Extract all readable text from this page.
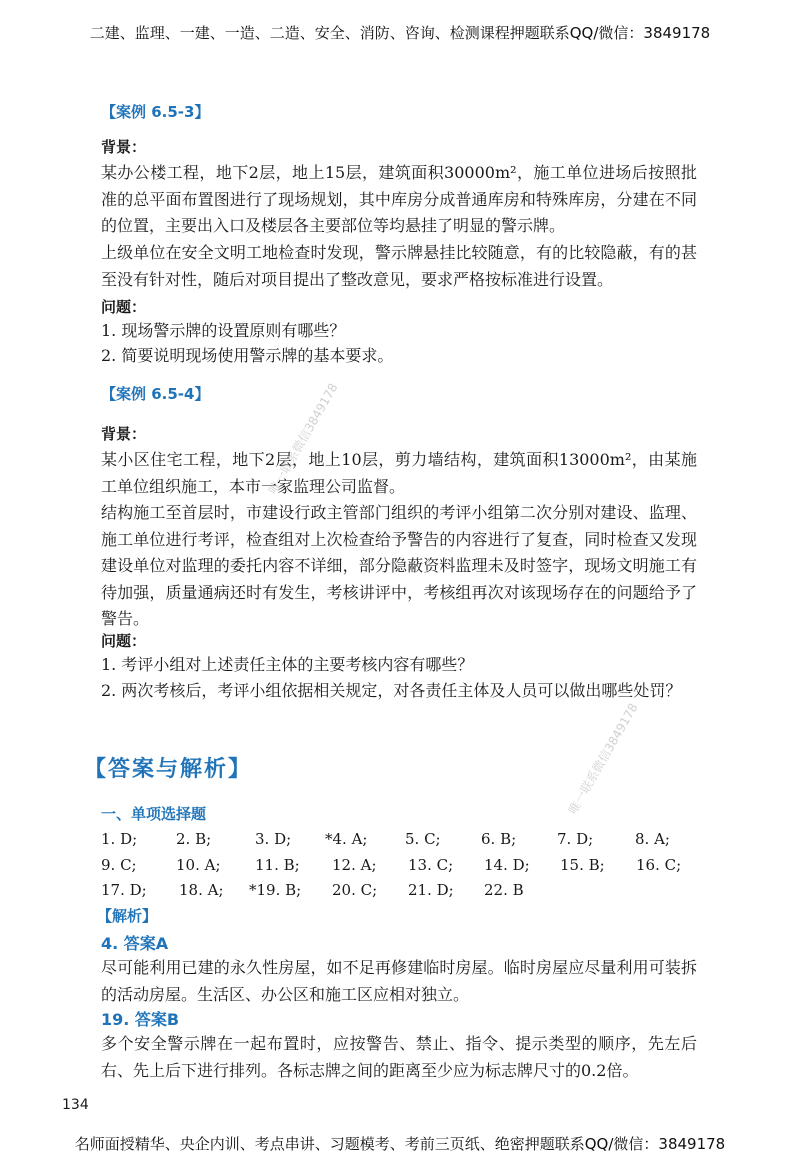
二建、监理、一建、一造、二造、安全、消防、咨询、检测课程押题联系QQ/微信：3849178
【案例 6.5-3】
背景：

某办公楼工程，地下2层，地上15层，建筑面积30000m²，施工单位进场后按照批准的总平面布置图进行了现场规划，其中库房分成普通库房和特殊库房，分建在不同的位置，主要出入口及楼层各主要部位等均悬挂了明显的警示牌。

上级单位在安全文明工地检查时发现，警示牌悬挂比较随意，有的比较隐蔽，有的甚至没有针对性，随后对项目提出了整改意见，要求严格按标准进行设置。

问题：
1. 现场警示牌的设置原则有哪些？
2. 简要说明现场使用警示牌的基本要求。
【案例 6.5-4】
背景：

某小区住宅工程，地下2层，地上10层，剪力墙结构，建筑面积13000m²，由某施工单位组织施工，本市一家监理公司监督。

结构施工至首层时，市建设行政主管部门组织的考评小组第二次分别对建设、监理、施工单位进行考评，检查组对上次检查给予警告的内容进行了复查，同时检查又发现建设单位对监理的委托内容不详细，部分隐蔽资料监理未及时签字，现场文明施工有待加强，质量通病还时有发生，考核讲评中，考核组再次对该现场存在的问题给予了警告。

问题：
1. 考评小组对上述责任主体的主要考核内容有哪些？
2. 两次考核后，考评小组依据相关规定，对各责任主体及人员可以做出哪些处罚？
【答案与解析】
一、单项选择题
1. D;	2. B;	3. D; *4. A;	5. C;	6. B;	7. D;	8. A;
9. C;	10. A; 11. B; 12. A; 13. C; 14. D; 15. B; 16. C;
17. D; 18. A; *19. B; 20. C; 21. D; 22. B
【解析】
4. 答案A

尽可能利用已建的永久性房屋，如不足再修建临时房屋。临时房屋应尽量利用可装拆的活动房屋。生活区、办公区和施工区应相对独立。

19. 答案B

多个安全警示牌在一起布置时，应按警告、禁止、指令、提示类型的顺序，先左后右、先上后下进行排列。各标志牌之间的距离至少应为标志牌尺寸的0.2倍。

134
唯一联系微信3849178
唯一联系微信3849178
名师面授精华、央企内训、考点串讲、习题模考、考前三页纸、绝密押题联系QQ/微信：3849178
